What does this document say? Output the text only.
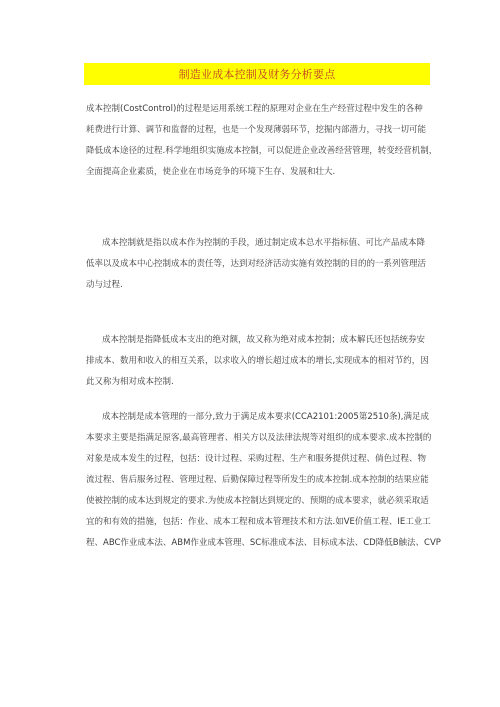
制造业成本控制及财务分析要点

成本控制(CostControl)的过程是运用系统工程的原理对企业在生产经营过程中发生的各种

耗费进行计算、调节和监督的过程，也是一个发现薄弱环节，挖掘内部潜力，寻找一切可能

降低成本途径的过程.科学地组织实施成本控制，可以促进企业改善经营管理，转变经营机制，

全面提高企业素质，使企业在市场竞争的环境下生存、发展和壮大.

成本控制就是指以成本作为控制的手段，通过制定成本总水平指标值、可比产品成本降

低率以及成本中心控制成本的责任等，达到对经济活动实施有效控制的目的的一系列管理活

动与过程.

成本控制是指降低成本支出的绝对额，故又称为绝对成本控制；成本解氏还包括统券安

排成本、数用和收入的相互关系，以求收入的增长超过成本的增长,实现成本的相对节约，因

此又称为相对成本控制.

成本控制是成本管理的一部分,致力于满足成本要求(CCA2101:2005第2510条),满足成

本要求主要是指满足原客,最高管理者、相关方以及法律法规等对组织的成本要求.成本控制的

对象是成本发生的过程，包括：设计过程、采购过程、生产和服务提供过程、倘色过程、物

流过程、售后服务过程、管理过程、后勤保障过程等所发生的成本控制.成本控制的结果应能

使被控制的成本达到规定的要求.为使成本控制达到规定的、预期的成本要求，就必须采取适

宜的和有效的措施，包括：作业、成本工程和成本管理技术和方法.如VE价值工程、IE工业工

程、ABC作业成本法、ABM作业成本管理、SC标准成本法、目标成本法、CD降低B触法、CVP
